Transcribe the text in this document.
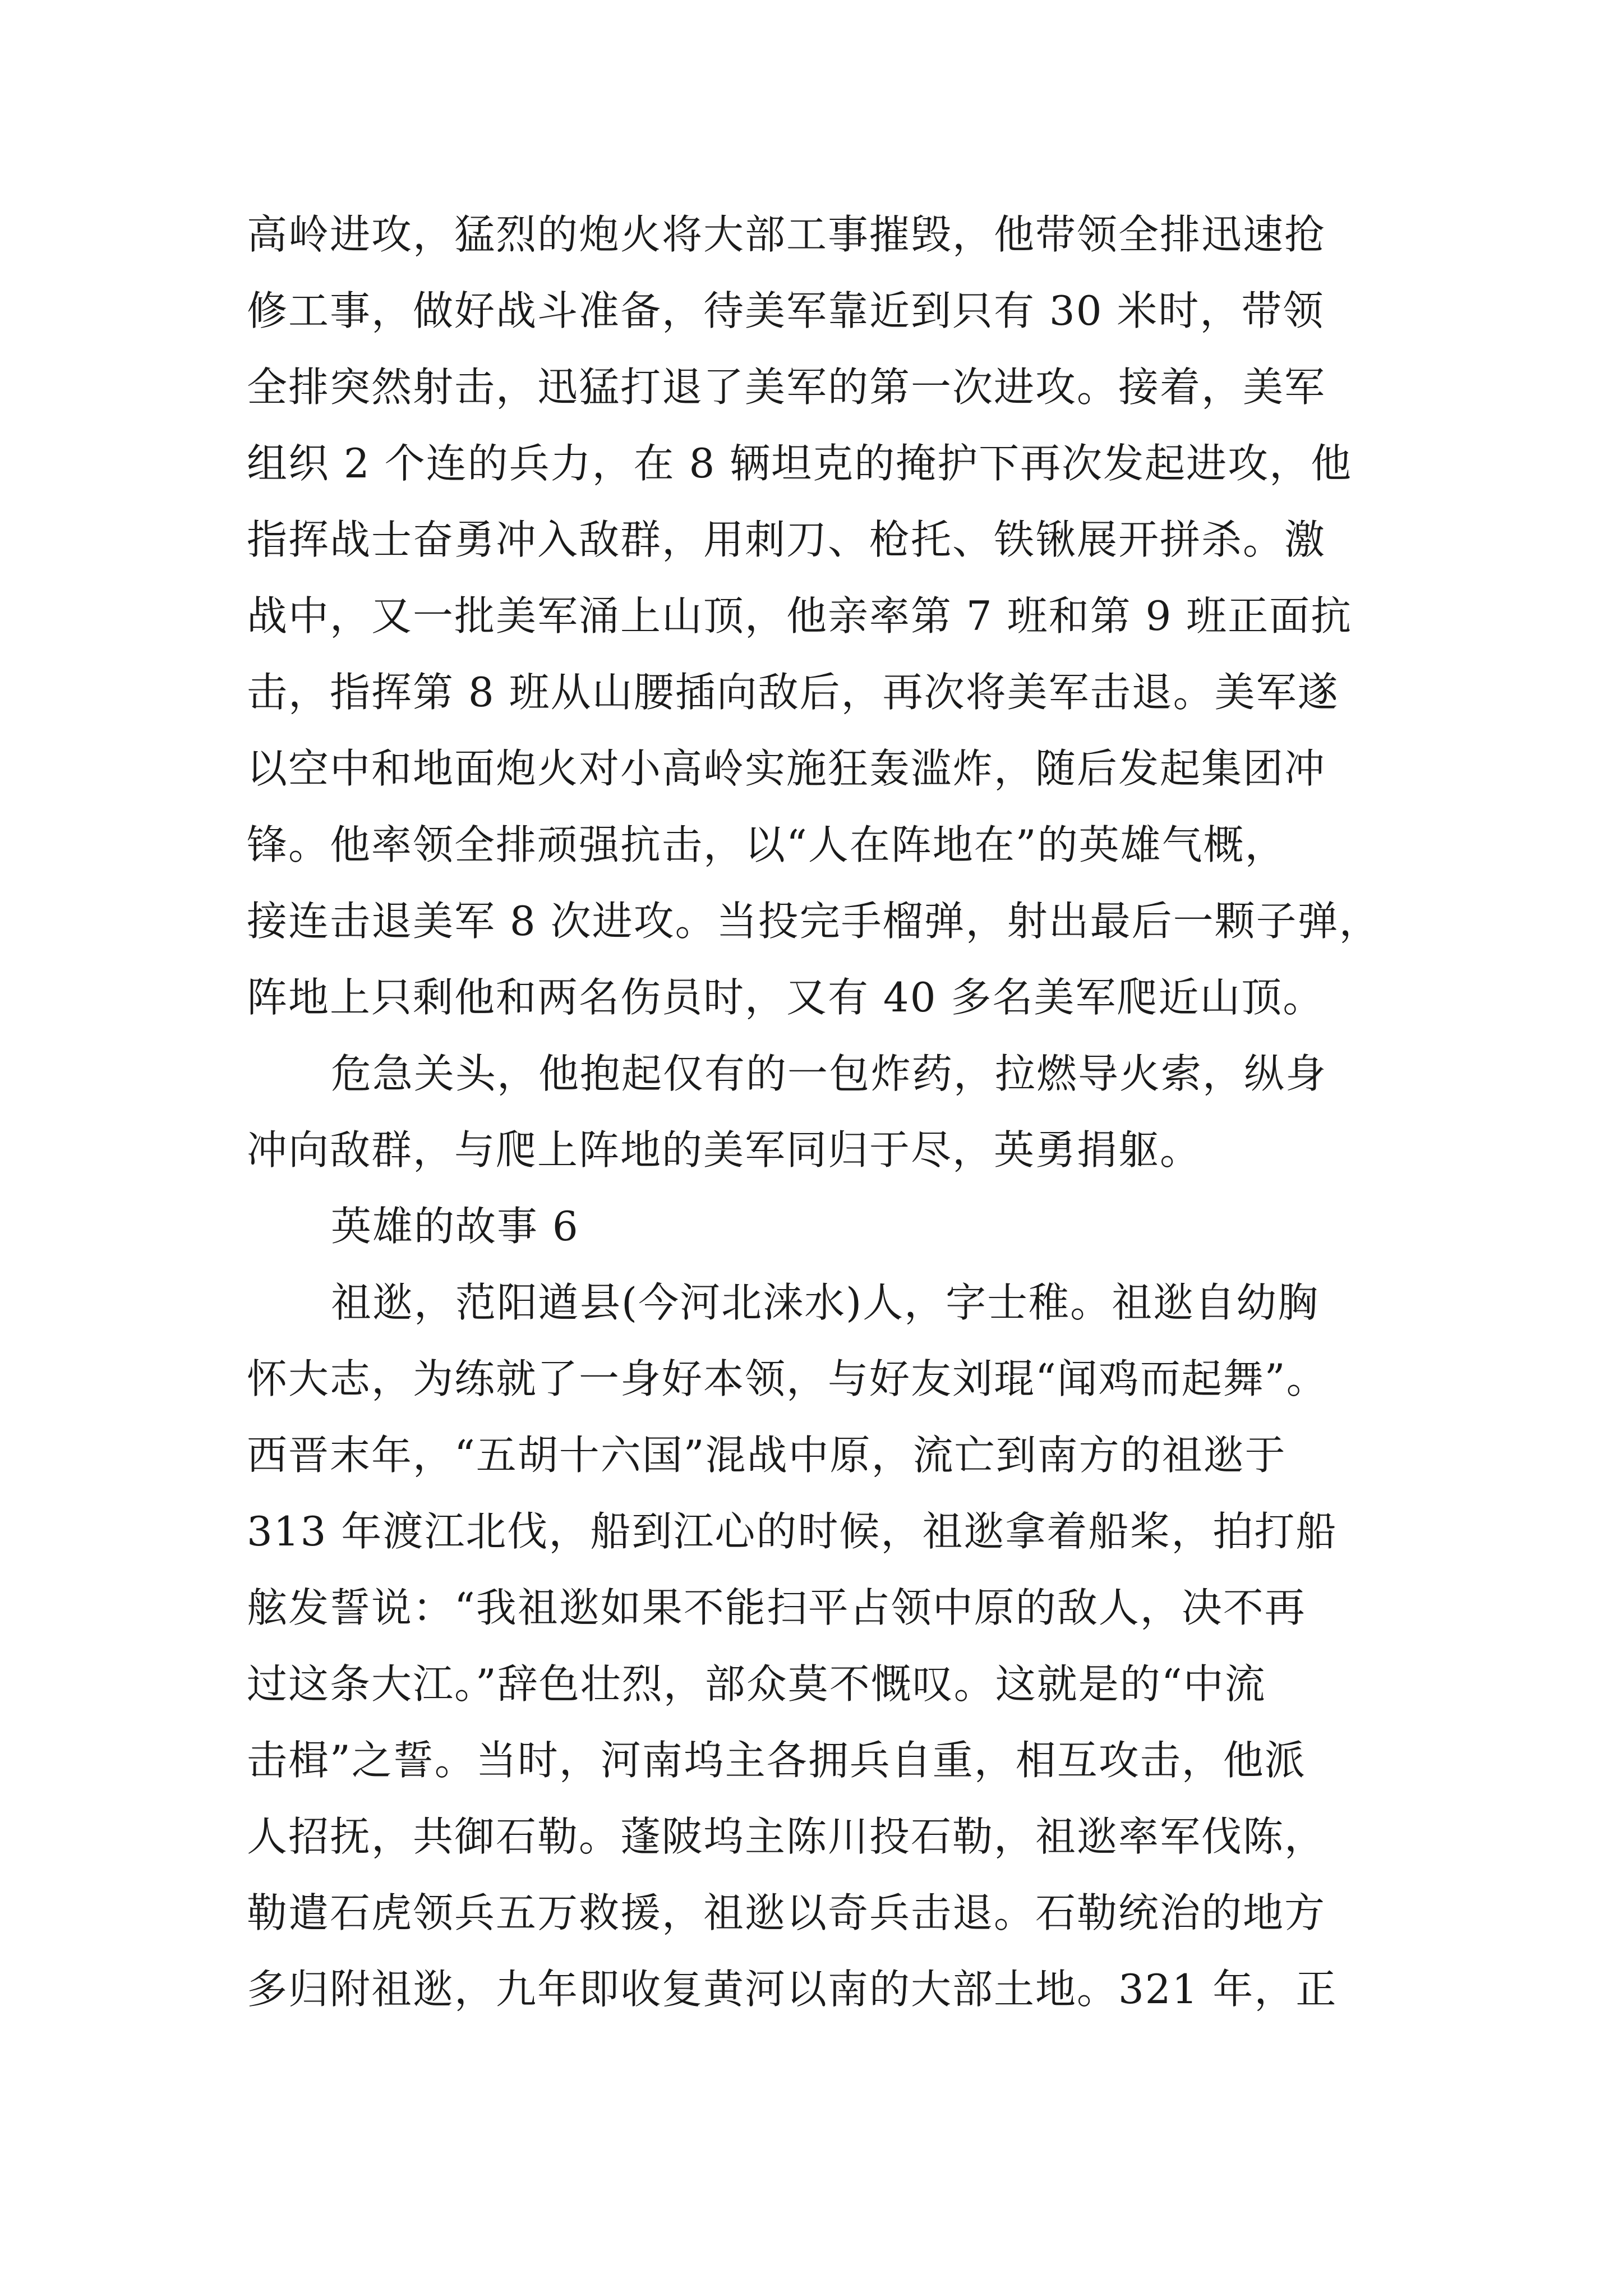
高岭进攻，猛烈的炮火将大部工事摧毁，他带领全排迅速抢
修工事，做好战斗准备，待美军靠近到只有 30 米时，带领
全排突然射击，迅猛打退了美军的第一次进攻。接着，美军
组织 2 个连的兵力，在 8 辆坦克的掩护下再次发起进攻，他
指挥战士奋勇冲入敌群，用刺刀、枪托、铁锹展开拼杀。激
战中，又一批美军涌上山顶，他亲率第 7 班和第 9 班正面抗
击，指挥第 8 班从山腰插向敌后，再次将美军击退。美军遂
以空中和地面炮火对小高岭实施狂轰滥炸，随后发起集团冲
锋。他率领全排顽强抗击，以“人在阵地在”的英雄气概，
接连击退美军 8 次进攻。当投完手榴弹，射出最后一颗子弹，
阵地上只剩他和两名伤员时，又有 40 多名美军爬近山顶。
危急关头，他抱起仅有的一包炸药，拉燃导火索，纵身
冲向敌群，与爬上阵地的美军同归于尽，英勇捐躯。
英雄的故事 6
祖逖，范阳遒县(今河北涞水)人，字士稚。祖逖自幼胸
怀大志，为练就了一身好本领，与好友刘琨“闻鸡而起舞”。
西晋末年，“五胡十六国”混战中原，流亡到南方的祖逖于
313 年渡江北伐，船到江心的时候，祖逖拿着船桨，拍打船
舷发誓说：“我祖逖如果不能扫平占领中原的敌人，决不再
过这条大江。”辞色壮烈，部众莫不慨叹。这就是的“中流
击楫”之誓。当时，河南坞主各拥兵自重，相互攻击，他派
人招抚，共御石勒。蓬陂坞主陈川投石勒，祖逖率军伐陈，
勒遣石虎领兵五万救援，祖逖以奇兵击退。石勒统治的地方
多归附祖逖，九年即收复黄河以南的大部土地。321 年，正
